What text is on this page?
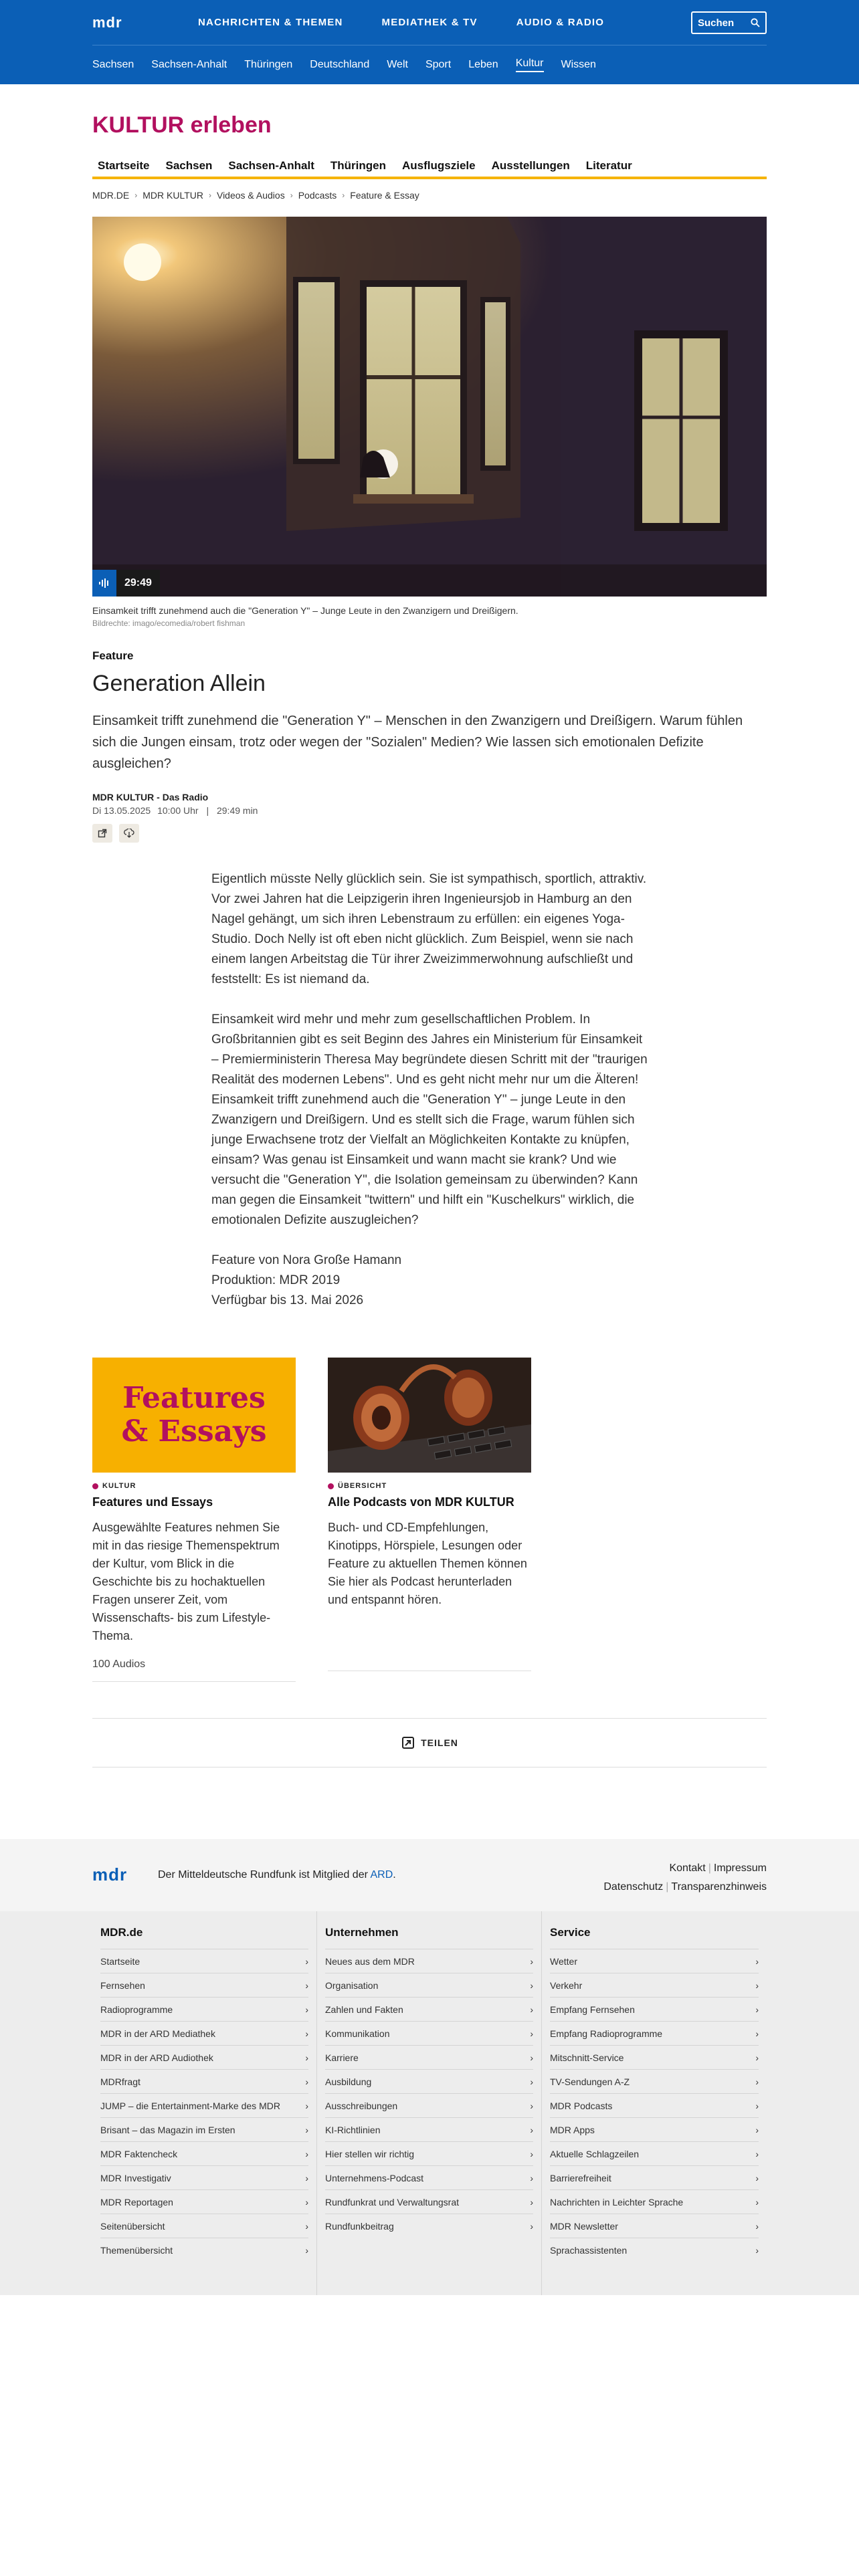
mdr	NACHRICHTEN & THEMEN	MEDIATHEK & TV	AUDIO & RADIO	Suchen
Sachsen Sachsen-Anhalt Thüringen Deutschland Welt Sport Leben Kultur Wissen
KULTUR erleben
Startseite Sachsen Sachsen-Anhalt Thüringen Ausflugsziele Ausstellungen Literatur
MDR.DE › MDR KULTUR › Videos & Audios › Podcasts › Feature & Essay
29:49
Einsamkeit trifft zunehmend auch die "Generation Y" – Junge Leute in den Zwanzigern und Dreißigern.
Bildrechte: imago/ecomedia/robert fishman
Feature
Generation Allein

Einsamkeit trifft zunehmend die "Generation Y" – Menschen in den Zwanzigern und Dreißigern. Warum fühlen sich die Jungen einsam, trotz oder wegen der "Sozialen" Medien? Wie lassen sich emotionalen Defizite ausgleichen?

MDR KULTUR - Das Radio
Di 13.05.2025 10:00 Uhr | 29:49 min

Eigentlich müsste Nelly glücklich sein. Sie ist sympathisch, sportlich, attraktiv. Vor zwei Jahren hat die Leipzigerin ihren Ingenieursjob in Hamburg an den Nagel gehängt, um sich ihren Lebenstraum zu erfüllen: ein eigenes Yoga-Studio. Doch Nelly ist oft eben nicht glücklich. Zum Beispiel, wenn sie nach einem langen Arbeitstag die Tür ihrer Zweizimmerwohnung aufschließt und feststellt: Es ist niemand da.

Einsamkeit wird mehr und mehr zum gesellschaftlichen Problem. In Großbritannien gibt es seit Beginn des Jahres ein Ministerium für Einsamkeit – Premierministerin Theresa May begründete diesen Schritt mit der "traurigen Realität des modernen Lebens". Und es geht nicht mehr nur um die Älteren! Einsamkeit trifft zunehmend auch die "Generation Y" – junge Leute in den Zwanzigern und Dreißigern. Und es stellt sich die Frage, warum fühlen sich junge Erwachsene trotz der Vielfalt an Möglichkeiten Kontakte zu knüpfen, einsam? Was genau ist Einsamkeit und wann macht sie krank? Und wie versucht die "Generation Y", die Isolation gemeinsam zu überwinden? Kann man gegen die Einsamkeit "twittern" und hilft ein "Kuschelkurs" wirklich, die emotionalen Defizite auszugleichen?

Feature von Nora Große Hamann

Produktion: MDR 2019

Verfügbar bis 13. Mai 2026

Features
& Essays
KULTUR
Features und Essays

Ausgewählte Features nehmen Sie mit in das riesige Themenspektrum der Kultur, vom Blick in die Geschichte bis zu hochaktuellen Fragen unserer Zeit, vom Wissenschafts- bis zum Lifestyle-Thema.

100 Audios
ÜBERSICHT
Alle Podcasts von MDR KULTUR

Buch- und CD-Empfehlungen, Kinotipps, Hörspiele, Lesungen oder Feature zu aktuellen Themen können Sie hier als Podcast herunterladen und entspannt hören.

TEILEN
mdr	Der Mitteldeutsche Rundfunk ist Mitglied der ARD.
Kontakt | Impressum
Datenschutz | Transparenzhinweis
MDR.de
Startseite	›
Fernsehen	›
Radioprogramme	›
MDR in der ARD Mediathek	›
MDR in der ARD Audiothek	›
MDRfragt	›
JUMP – die Entertainment-Marke des MDR	›
Brisant – das Magazin im Ersten	›
MDR Faktencheck	›
MDR Investigativ	›
MDR Reportagen	›
Seitenübersicht	›
Themenübersicht	›
Unternehmen
Neues aus dem MDR	›
Organisation	›
Zahlen und Fakten	›
Kommunikation	›
Karriere	›
Ausbildung	›
Ausschreibungen	›
KI-Richtlinien	›
Hier stellen wir richtig	›
Unternehmens-Podcast	›
Rundfunkrat und Verwaltungsrat	›
Rundfunkbeitrag	›
Service
Wetter	›
Verkehr	›
Empfang Fernsehen	›
Empfang Radioprogramme	›
Mitschnitt-Service	›
TV-Sendungen A-Z	›
MDR Podcasts	›
MDR Apps	›
Aktuelle Schlagzeilen	›
Barrierefreiheit	›
Nachrichten in Leichter Sprache	›
MDR Newsletter	›
Sprachassistenten	›
